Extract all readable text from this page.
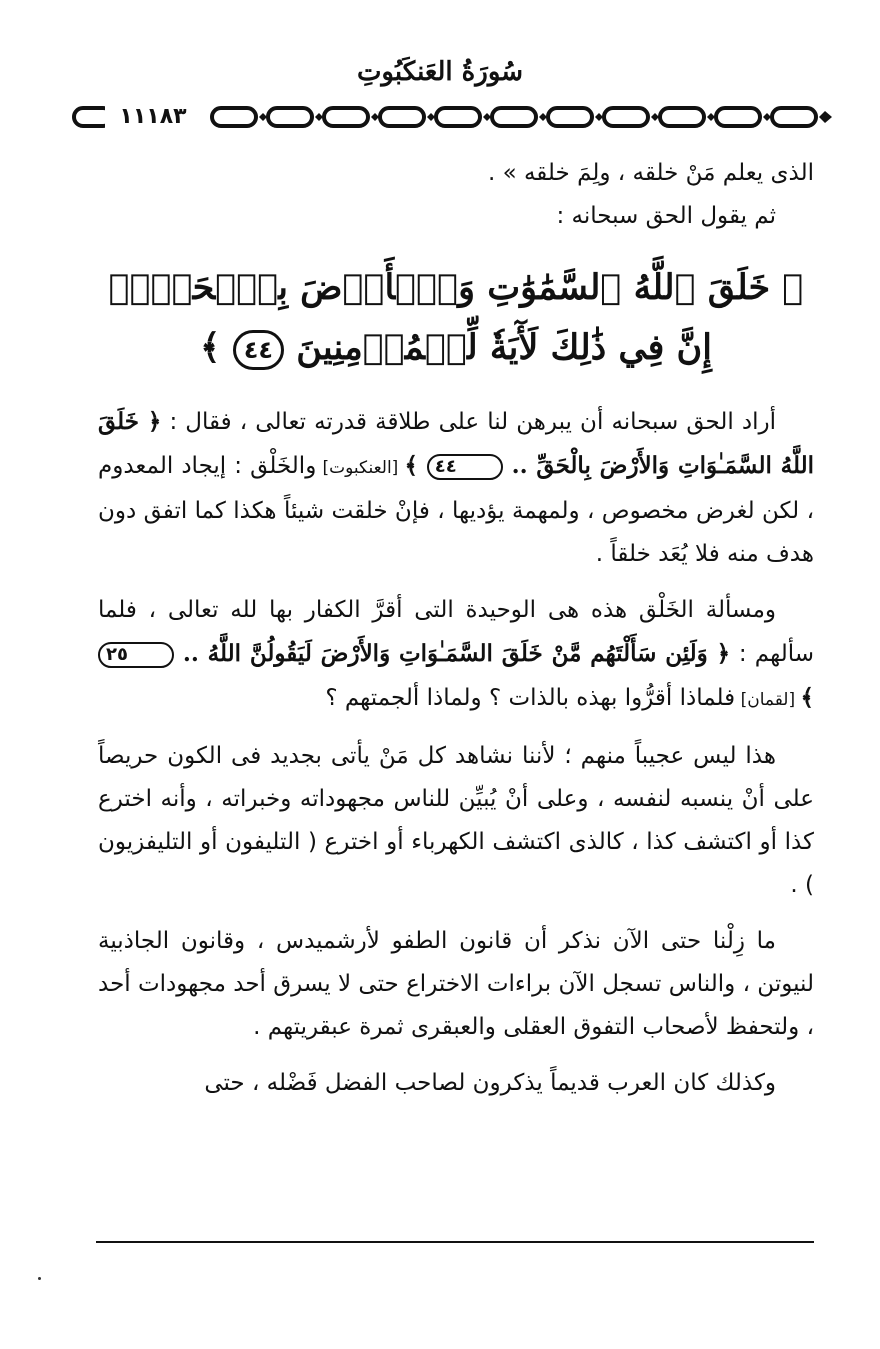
سُورَةُ العَنكَبُوتِ
١١١٨٣

الذى يعلم مَنْ خلقه ، ولِمَ خلقه » .

ثم يقول الحق سبحانه :

﴿ خَلَقَ ٱللَّهُ ٱلسَّمَٰوَٰتِ وَٱلۡأَرۡضَ بِٱلۡحَقِّۚ
إِنَّ فِي ذَٰلِكَ لَأٓيَةٗ لِّلۡمُؤۡمِنِينَ ٤٤ ﴾

أراد الحق سبحانه أن يبرهن لنا على طلاقة قدرته تعالى ، فقال : ﴿ خَلَقَ اللَّهُ السَّمَـٰوَاتِ وَالأَرْضَ بِالْحَقِّ .. ٤٤ ﴾ [العنكبوت] والخَلْق : إيجاد المعدوم ، لكن لغرض مخصوص ، ولمهمة يؤديها ، فإنْ خلقت شيئاً هكذا كما اتفق دون هدف منه فلا يُعَد خلقاً .

ومسألة الخَلْق هذه هى الوحيدة التى أقرَّ الكفار بها لله تعالى ، فلما سألهم : ﴿ وَلَئِن سَأَلْتَهُم مَّنْ خَلَقَ السَّمَـٰوَاتِ وَالأَرْضَ لَيَقُولُنَّ اللَّهُ .. ٢٥ ﴾ [لقمان] فلماذا أقرُّوا بهذه بالذات ؟ ولماذا ألجمتهم ؟

هذا ليس عجيباً منهم ؛ لأننا نشاهد كل مَنْ يأتى بجديد فى الكون حريصاً على أنْ ينسبه لنفسه ، وعلى أنْ يُبيِّن للناس مجهوداته وخبراته ، وأنه اخترع كذا أو اكتشف كذا ، كالذى اكتشف الكهرباء أو اخترع ( التليفون أو التليفزيون ) .

ما زِلْنا حتى الآن نذكر أن قانون الطفو لأرشميدس ، وقانون الجاذبية لنيوتن ، والناس تسجل الآن براءات الاختراع حتى لا يسرق أحد مجهودات أحد ، ولتحفظ لأصحاب التفوق العقلى والعبقرى ثمرة عبقريتهم .

وكذلك كان العرب قديماً يذكرون لصاحب الفضل فَضْله ، حتى
